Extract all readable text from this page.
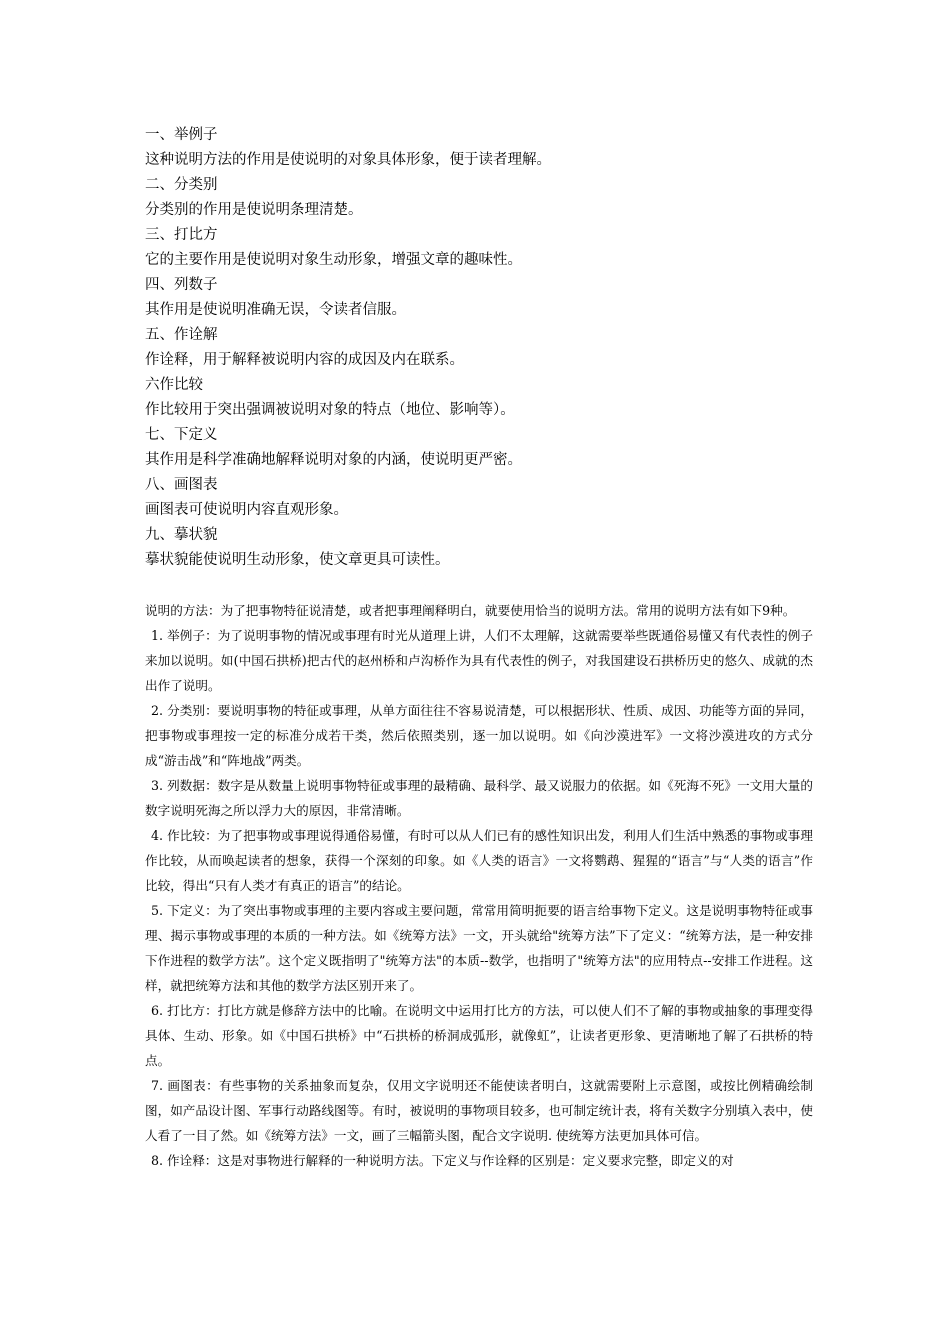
一、举例子

这种说明方法的作用是使说明的对象具体形象，便于读者理解。

二、分类别

分类别的作用是使说明条理清楚。

三、打比方

它的主要作用是使说明对象生动形象，增强文章的趣味性。

四、列数子

其作用是使说明准确无误，令读者信服。

五、作诠解

作诠释，用于解释被说明内容的成因及内在联系。

六作比较

作比较用于突出强调被说明对象的特点（地位、影响等）。

七、下定义

其作用是科学准确地解释说明对象的内涵，使说明更严密。

八、画图表

画图表可使说明内容直观形象。

九、摹状貌

摹状貌能使说明生动形象，使文章更具可读性。

说明的方法：为了把事物特征说清楚，或者把事理阐释明白，就要使用恰当的说明方法。常用的说明方法有如下9种。

1. 举例子：为了说明事物的情况或事理有时光从道理上讲，人们不太理解，这就需要举些既通俗易懂又有代表性的例子来加以说明。如(中国石拱桥)把古代的赵州桥和卢沟桥作为具有代表性的例子，对我国建设石拱桥历史的悠久、成就的杰出作了说明。

2. 分类别：要说明事物的特征或事理，从单方面往往不容易说清楚，可以根据形状、性质、成因、功能等方面的异同，把事物或事理按一定的标准分成若干类，然后依照类别，逐一加以说明。如《向沙漠进军》一文将沙漠进攻的方式分成“游击战”和“阵地战”两类。

3. 列数据：数字是从数量上说明事物特征或事理的最精确、最科学、最又说服力的依据。如《死海不死》一文用大量的数字说明死海之所以浮力大的原因，非常清晰。

4. 作比较：为了把事物或事理说得通俗易懂，有时可以从人们已有的感性知识出发，利用人们生活中熟悉的事物或事理作比较，从而唤起读者的想象，获得一个深刻的印象。如《人类的语言》一文将鹦鹉、猩猩的“语言”与“人类的语言”作比较，得出“只有人类才有真正的语言”的结论。

5. 下定义：为了突出事物或事理的主要内容或主要问题，常常用简明扼要的语言给事物下定义。这是说明事物特征或事理、揭示事物或事理的本质的一种方法。如《统筹方法》一文，开头就给"统筹方法”下了定义：“统筹方法，是一种安排下作进程的数学方法”。这个定义既指明了"统筹方法"的本质--数学，也指明了"统筹方法"的应用特点--安排工作进程。这样，就把统筹方法和其他的数学方法区别开来了。

6. 打比方：打比方就是修辞方法中的比喻。在说明文中运用打比方的方法，可以使人们不了解的事物或抽象的事理变得具体、生动、形象。如《中国石拱桥》中“石拱桥的桥洞成弧形，就像虹”，让读者更形象、更清晰地了解了石拱桥的特点。

7. 画图表：有些事物的关系抽象而复杂，仅用文字说明还不能使读者明白，这就需要附上示意图，或按比例精确绘制图，如产品设计图、军事行动路线图等。有时，被说明的事物项目较多，也可制定统计表，将有关数字分别填入表中，使人看了一目了然。如《统筹方法》一文，画了三幅箭头图，配合文字说明. 使统筹方法更加具体可信。

8. 作诠释：这是对事物进行解释的一种说明方法。下定义与作诠释的区别是：定义要求完整，即定义的对
